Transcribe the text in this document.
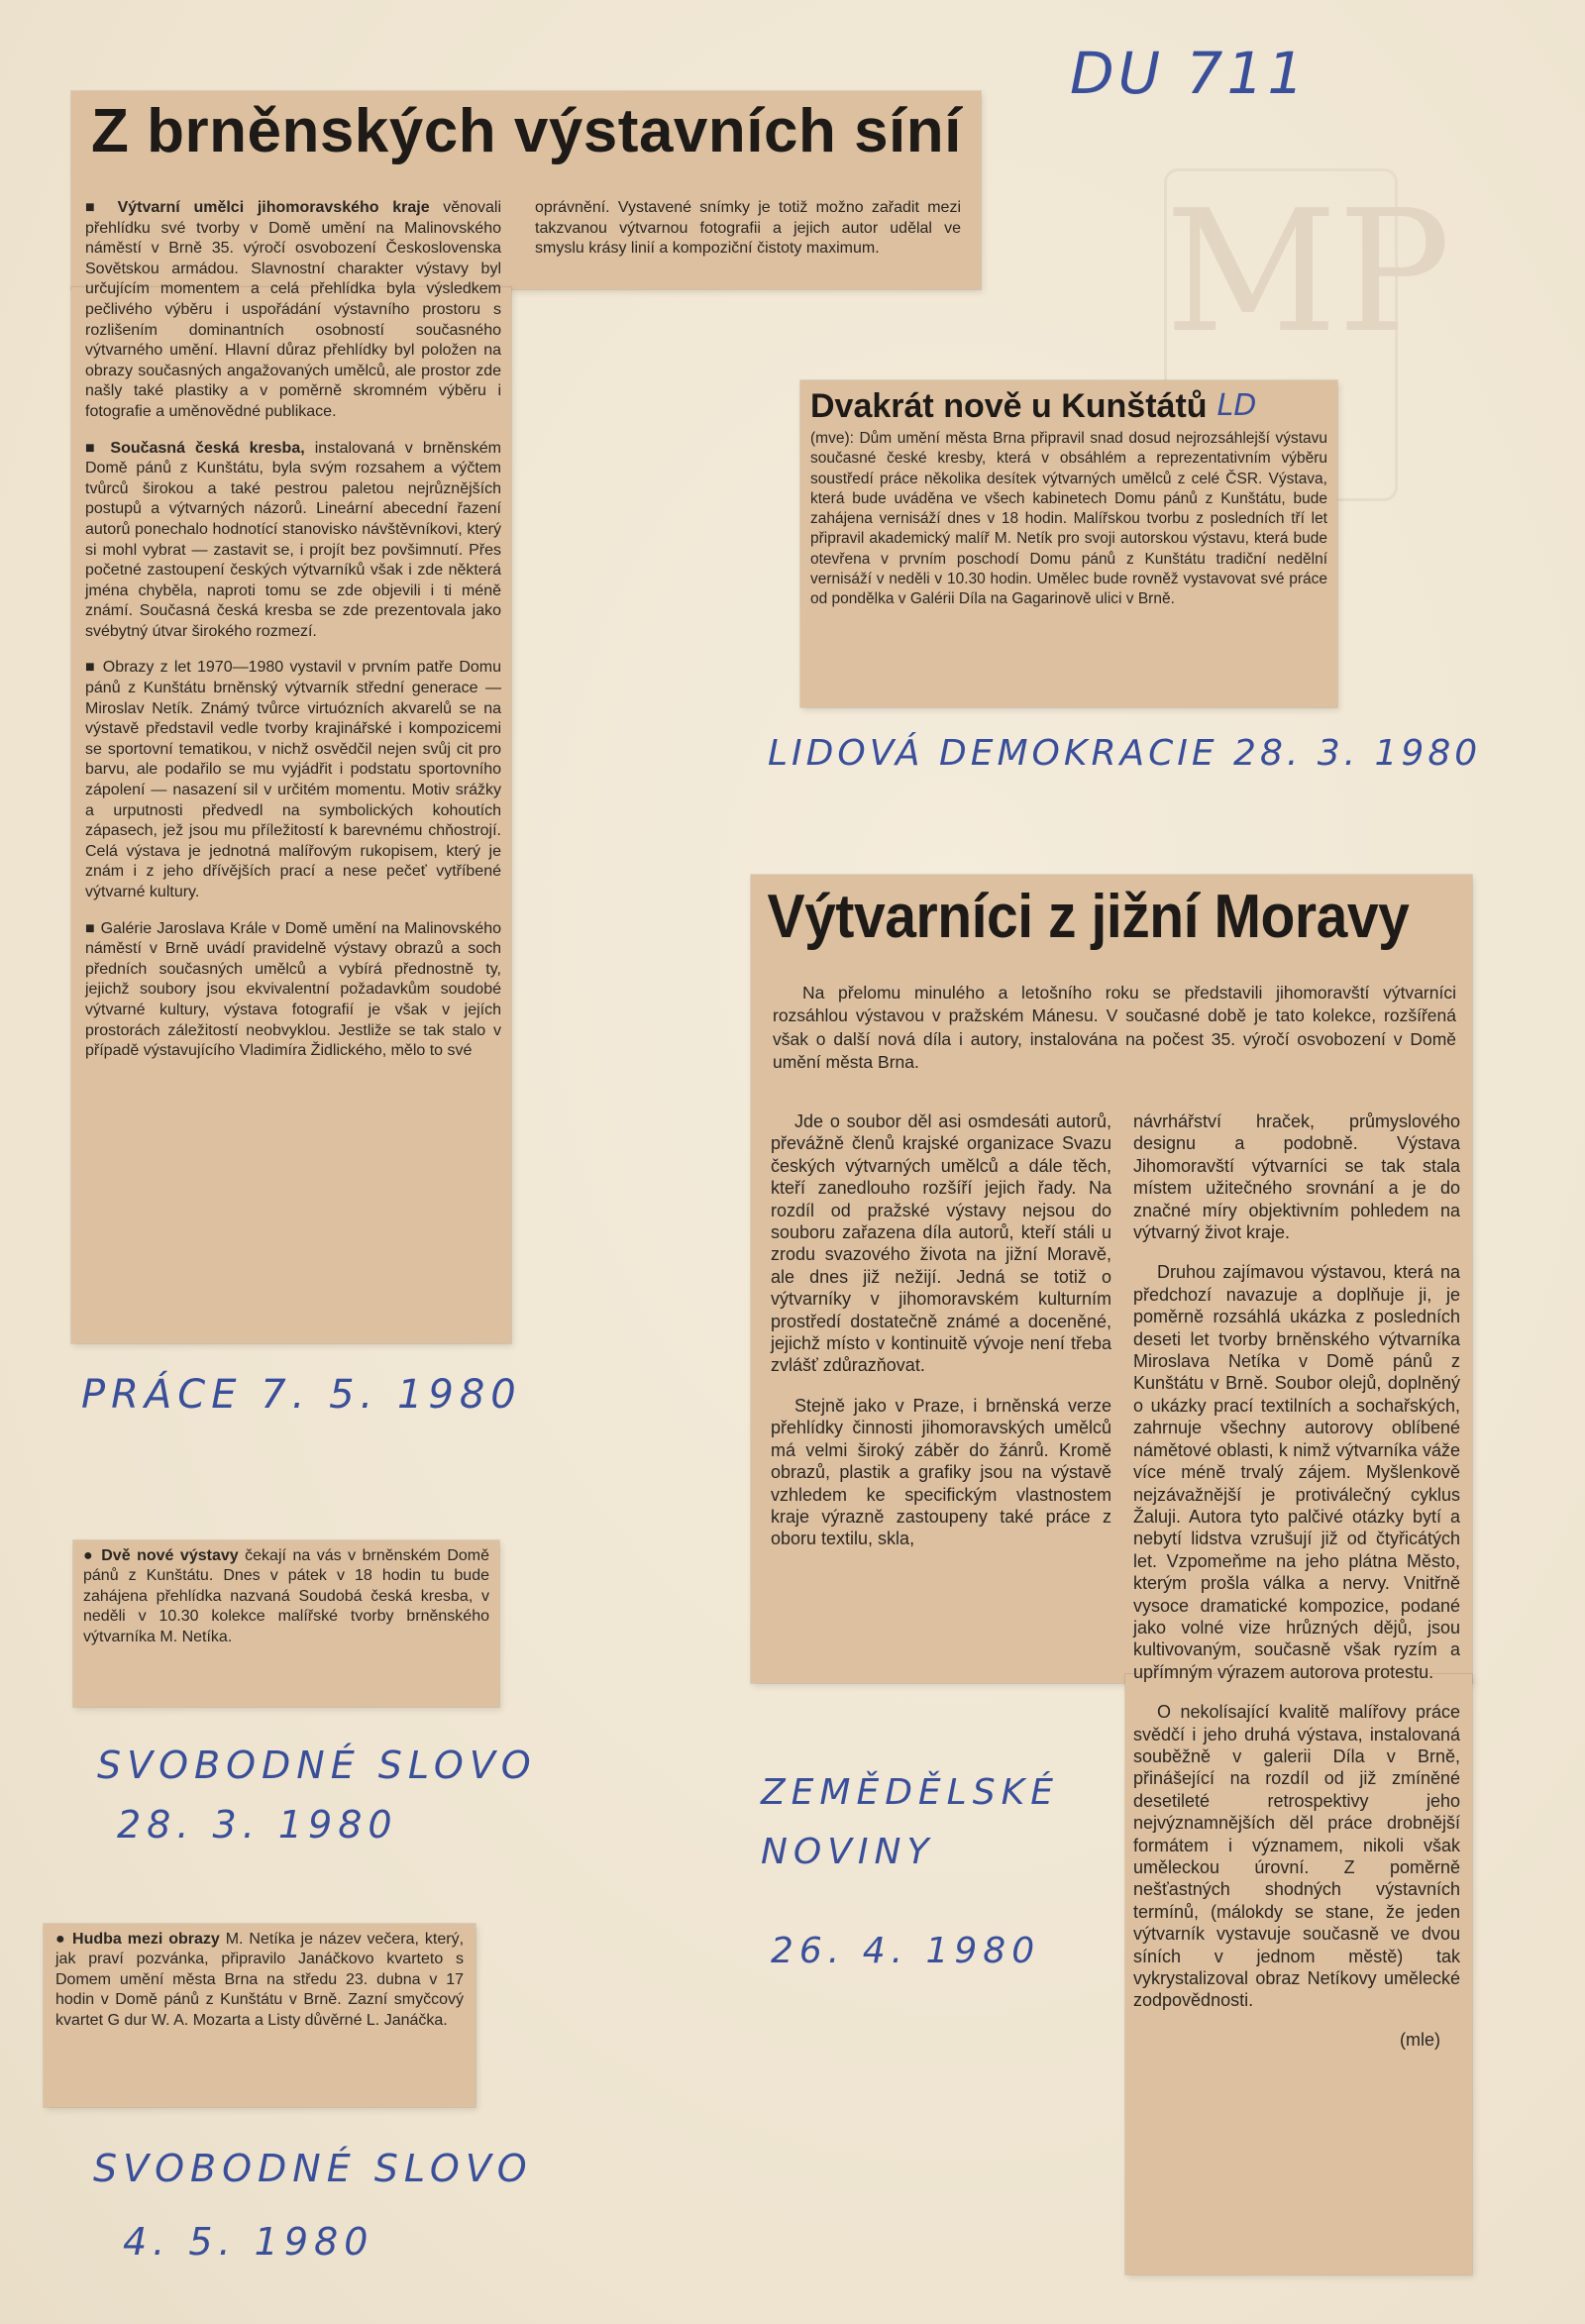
MP
DU 711
Z brněnských výstavních síní

■ Výtvarní umělci jihomoravského kraje věnovali přehlídku své tvorby v Domě umění na Malinovského náměstí v Brně 35. výročí osvobození Československa Sovětskou armádou. Slavnostní charakter výstavy byl určujícím momentem a celá přehlídka byla výsledkem pečlivého výběru i uspořádání výstavního prostoru s rozlišením dominantních osobností současného výtvarného umění. Hlavní důraz přehlídky byl položen na obrazy současných angažovaných umělců, ale prostor zde našly také plastiky a v poměrně skromném výběru i fotografie a uměnovědné publikace.

■ Současná česká kresba, instalovaná v brněnském Domě pánů z Kunštátu, byla svým rozsahem a výčtem tvůrců širokou a také pestrou paletou nejrůznějších postupů a výtvarných názorů. Lineární abecední řazení autorů ponechalo hodnotící stanovisko návštěvníkovi, který si mohl vybrat — zastavit se, i projít bez povšimnutí. Přes početné zastoupení českých výtvarníků však i zde některá jména chyběla, naproti tomu se zde objevili i ti méně známí. Současná česká kresba se zde prezentovala jako svébytný útvar širokého rozmezí.

■ Obrazy z let 1970—1980 vystavil v prvním patře Domu pánů z Kunštátu brněnský výtvarník střední generace — Miroslav Netík. Známý tvůrce virtuózních akvarelů se na výstavě představil vedle tvorby krajinářské i kompozicemi se sportovní tematikou, v nichž osvědčil nejen svůj cit pro barvu, ale podařilo se mu vyjádřit i podstatu sportovního zápolení — nasazení sil v určitém momentu. Motiv srážky a urputnosti předvedl na symbolických kohoutích zápasech, jež jsou mu příležitostí k barevnému chňostrojí. Celá výstava je jednotná malířovým rukopisem, který je znám i z jeho dřívějších prací a nese pečeť vytříbené výtvarné kultury.

■ Galérie Jaroslava Krále v Domě umění na Malinovského náměstí v Brně uvádí pravidelně výstavy obrazů a soch předních současných umělců a vybírá přednostně ty, jejichž soubory jsou ekvivalentní požadavkům soudobé výtvarné kultury, výstava fotografií je však v jejích prostorách záležitostí neobvyklou. Jestliže se tak stalo v případě výstavujícího Vladimíra Židlického, mělo to své

oprávnění. Vystavené snímky je totiž možno zařadit mezi takzvanou výtvarnou fotografii a jejich autor udělal ve smyslu krásy linií a kompoziční čistoty maximum.

PRÁCE 7. 5. 1980
Dvakrát nově u Kunštátů LD

(mve): Dům umění města Brna připravil snad dosud nejrozsáhlejší výstavu současné české kresby, která v obsáhlém a reprezentativním výběru soustředí práce několika desítek výtvarných umělců z celé ČSR. Výstava, která bude uváděna ve všech kabinetech Domu pánů z Kunštátu, bude zahájena vernisáží dnes v 18 hodin. Malířskou tvorbu z posledních tří let připravil akademický malíř M. Netík pro svoji autorskou výstavu, která bude otevřena v prvním poschodí Domu pánů z Kunštátu tradiční nedělní vernisáží v neděli v 10.30 hodin. Umělec bude rovněž vystavovat své práce od pondělka v Galérii Díla na Gagarinově ulici v Brně.

LIDOVÁ DEMOKRACIE 28. 3. 1980
Výtvarníci z jižní Moravy

Na přelomu minulého a letošního roku se představili jihomoravští výtvarníci rozsáhlou výstavou v pražském Mánesu. V současné době je tato kolekce, rozšířená však o další nová díla i autory, instalována na počest 35. výročí osvobození v Domě umění města Brna.

Jde o soubor děl asi osmdesáti autorů, převážně členů krajské organizace Svazu českých výtvarných umělců a dále těch, kteří zanedlouho rozšíří jejich řady. Na rozdíl od pražské výstavy nejsou do souboru zařazena díla autorů, kteří stáli u zrodu svazového života na jižní Moravě, ale dnes již nežijí. Jedná se totiž o výtvarníky v jihomoravském kulturním prostředí dostatečně známé a doceněné, jejichž místo v kontinuitě vývoje není třeba zvlášť zdůrazňovat.

Stejně jako v Praze, i brněnská verze přehlídky činnosti jihomoravských umělců má velmi široký záběr do žánrů. Kromě obrazů, plastik a grafiky jsou na výstavě vzhledem ke specifickým vlastnostem kraje výrazně zastoupeny také práce z oboru textilu, skla,

návrhářství hraček, průmyslového designu a podobně. Výstava Jihomoravští výtvarníci se tak stala místem užitečného srovnání a je do značné míry objektivním pohledem na výtvarný život kraje.

Druhou zajímavou výstavou, která na předchozí navazuje a doplňuje ji, je poměrně rozsáhlá ukázka z posledních deseti let tvorby brněnského výtvarníka Miroslava Netíka v Domě pánů z Kunštátu v Brně. Soubor olejů, doplněný o ukázky prací textilních a sochařských, zahrnuje všechny autorovy oblíbené námětové oblasti, k nimž výtvarníka váže více méně trvalý zájem. Myšlenkově nejzávažnější je protiválečný cyklus Žaluji. Autora tyto palčivé otázky bytí a nebytí lidstva vzrušují již od čtyřicátých let. Vzpomeňme na jeho plátna Město, kterým prošla válka a nervy. Vnitřně vysoce dramatické kompozice, podané jako volné vize hrůzných dějů, jsou kultivovaným, současně však ryzím a upřímným výrazem autorova protestu.

O nekolísající kvalitě malířovy práce svědčí i jeho druhá výstava, instalovaná souběžně v galerii Díla v Brně, přinášející na rozdíl od již zmíněné desetileté retrospektivy jeho nejvýznamnějších děl práce drobnější formátem i významem, nikoli však uměleckou úrovní. Z poměrně nešťastných shodných výstavních termínů, (málokdy se stane, že jeden výtvarník vystavuje současně ve dvou síních v jednom městě) tak vykrystalizoval obraz Netíkovy umělecké zodpovědnosti.

(mle)

ZEMĚDĚLSKÉ
NOVINY
26. 4. 1980

● Dvě nové výstavy čekají na vás v brněnském Domě pánů z Kunštátu. Dnes v pátek v 18 hodin tu bude zahájena přehlídka nazvaná Soudobá česká kresba, v neděli v 10.30 kolekce malířské tvorby brněnského výtvarníka M. Netíka.

SVOBODNÉ SLOVO
28. 3. 1980

● Hudba mezi obrazy M. Netíka je název večera, který, jak praví pozvánka, připravilo Janáčkovo kvarteto s Domem umění města Brna na středu 23. dubna v 17 hodin v Domě pánů z Kunštátu v Brně. Zazní smyčcový kvartet G dur W. A. Mozarta a Listy důvěrné L. Janáčka.

SVOBODNÉ SLOVO
4. 5. 1980
